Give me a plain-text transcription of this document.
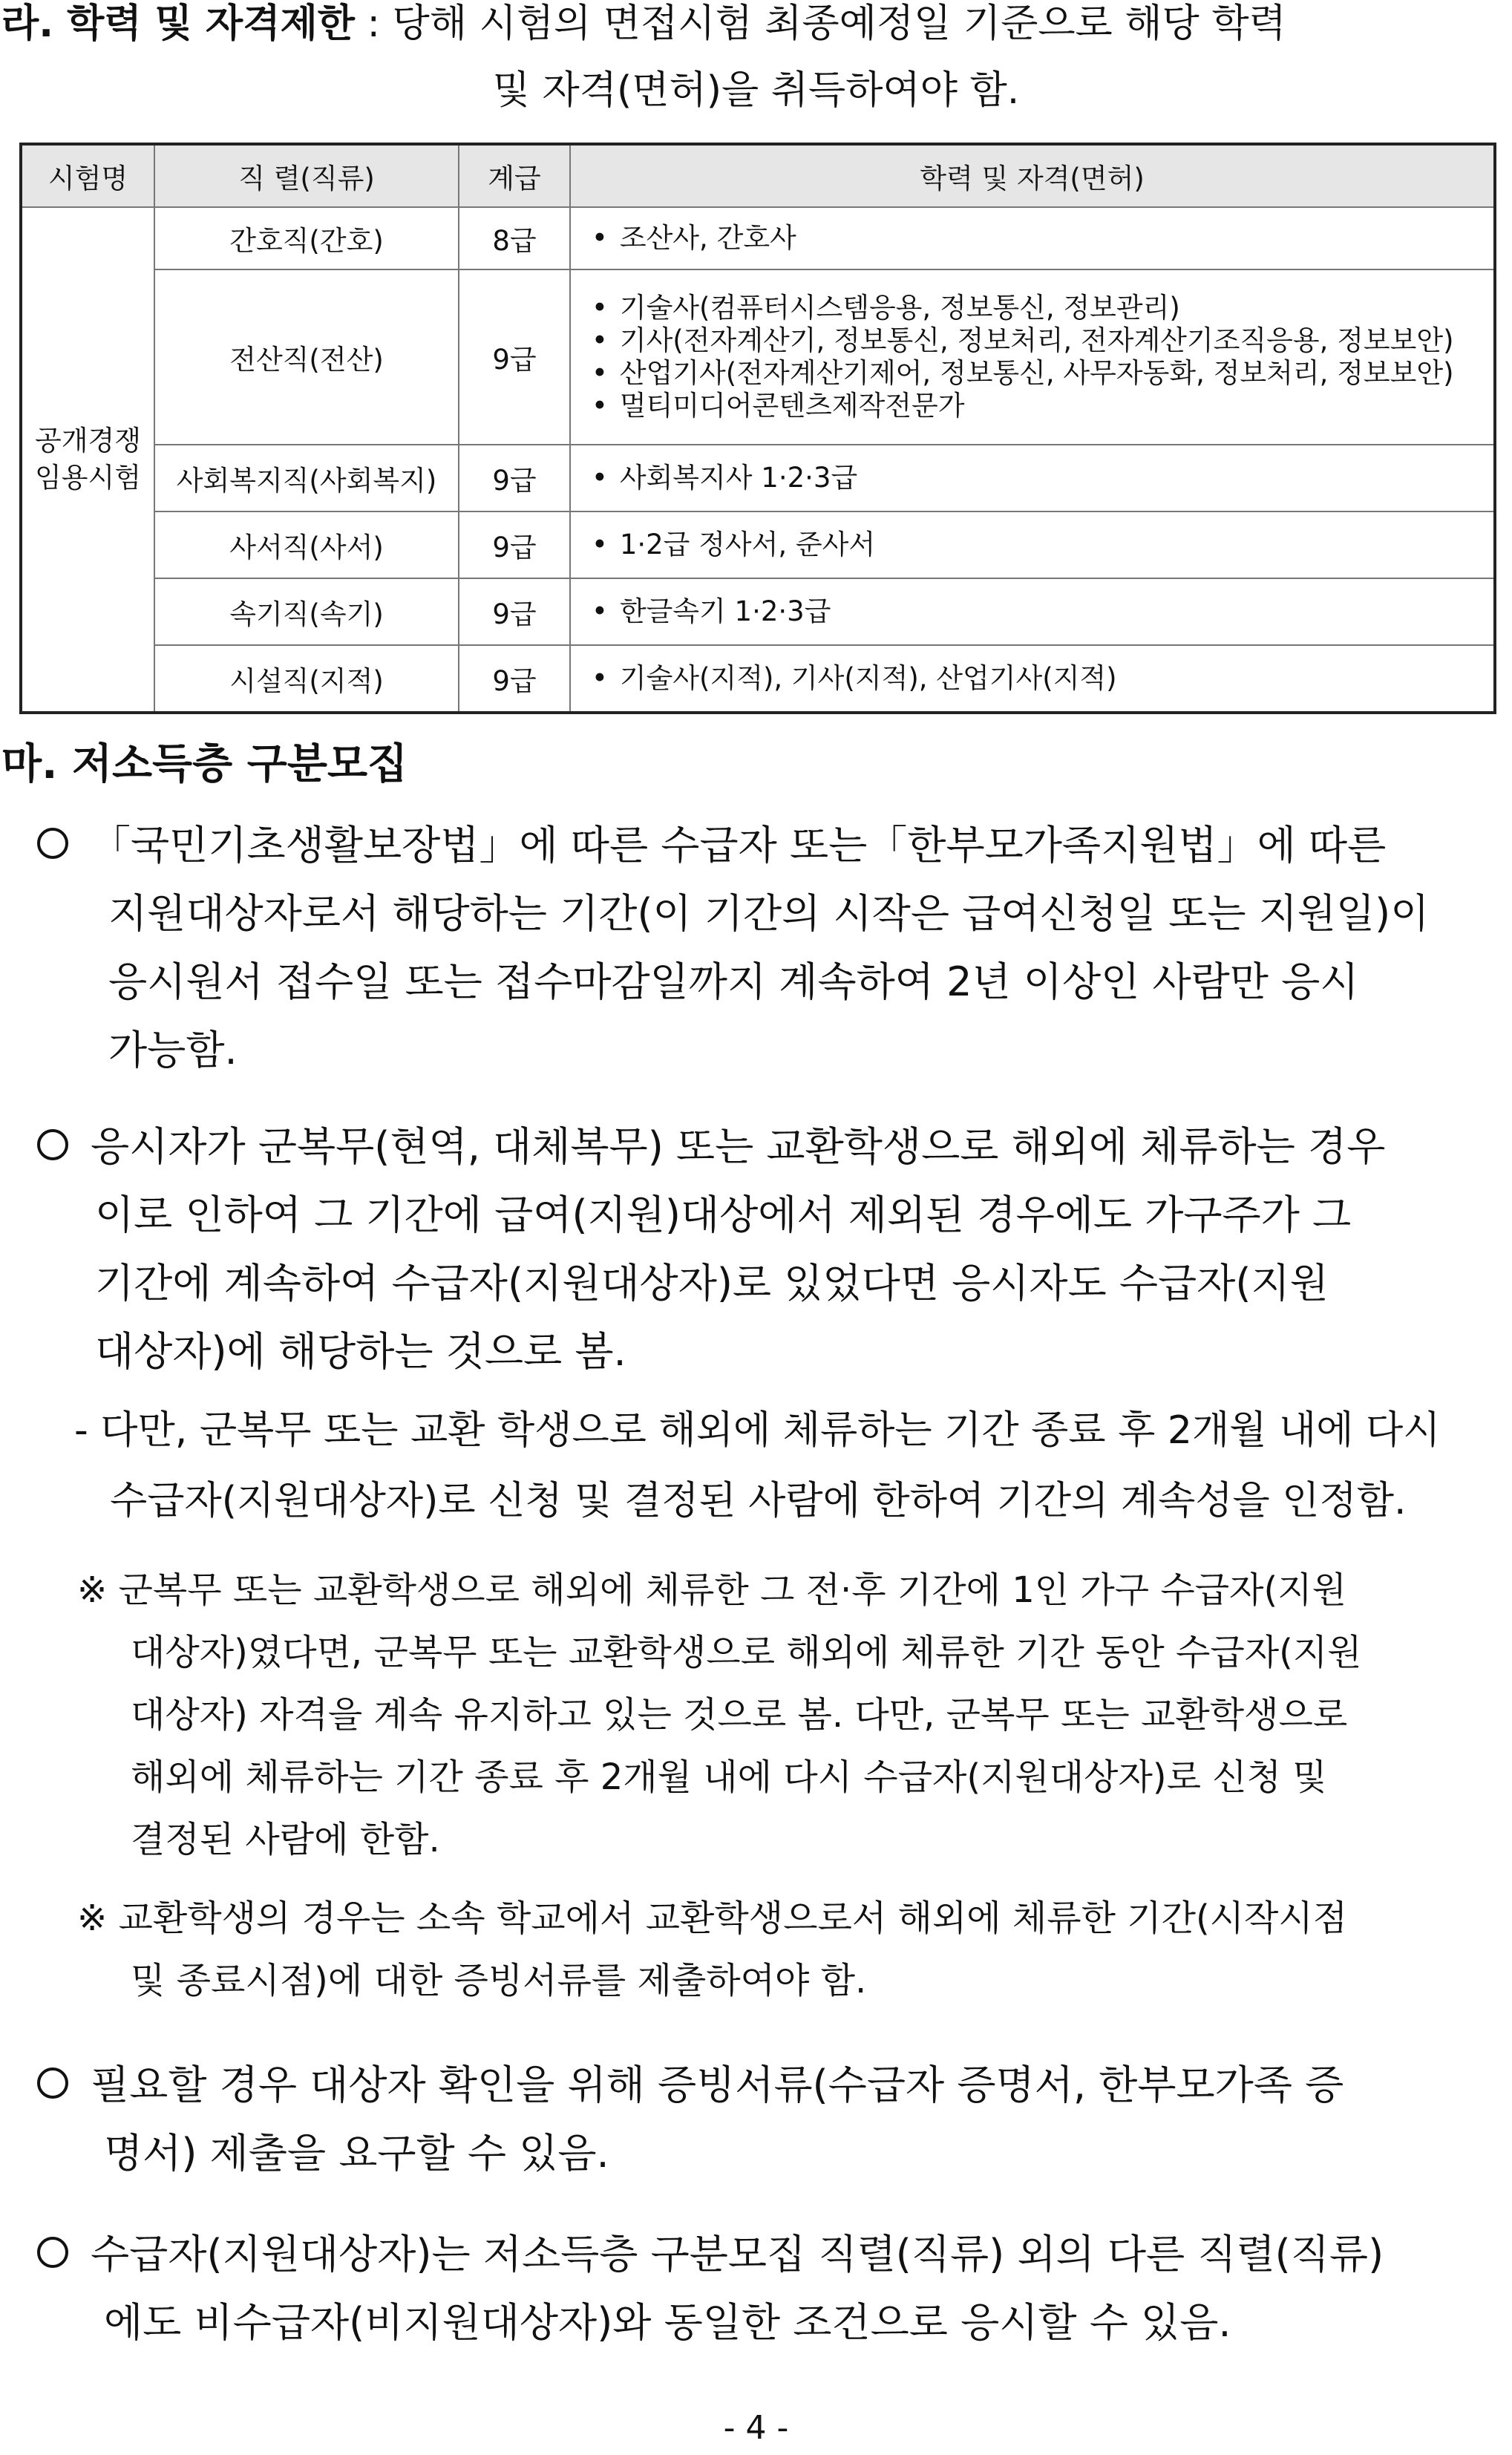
라. 학력 및 자격제한 : 당해 시험의 면접시험 최종예정일 기준으로 해당 학력
및 자격(면허)을 취득하여야 함.
시험명	직 렬(직류)	계급	학력 및 자격(면허)

공개경쟁
임용시험	간호직(간호)	8급	• 조산사, 간호사

	전산직(전산)	9급	• 기술사(컴퓨터시스템응용, 정보통신, 정보관리)
• 기사(전자계산기, 정보통신, 정보처리, 전자계산기조직응용, 정보보안)
• 산업기사(전자계산기제어, 정보통신, 사무자동화, 정보처리, 정보보안)
• 멀티미디어콘텐츠제작전문가

	사회복지직(사회복지)	9급	• 사회복지사 1·2·3급

	사서직(사서)	9급	• 1·2급 정사서, 준사서

	속기직(속기)	9급	• 한글속기 1·2·3급

	시설직(지적)	9급	• 기술사(지적), 기사(지적), 산업기사(지적)
마. 저소득층 구분모집
「국민기초생활보장법」에 따른 수급자 또는「한부모가족지원법」에 따른
지원대상자로서 해당하는 기간(이 기간의 시작은 급여신청일 또는 지원일)이
응시원서 접수일 또는 접수마감일까지 계속하여 2년 이상인 사람만 응시
가능함.
응시자가 군복무(현역, 대체복무) 또는 교환학생으로 해외에 체류하는 경우
이로 인하여 그 기간에 급여(지원)대상에서 제외된 경우에도 가구주가 그
기간에 계속하여 수급자(지원대상자)로 있었다면 응시자도 수급자(지원
대상자)에 해당하는 것으로 봄.
- 다만, 군복무 또는 교환 학생으로 해외에 체류하는 기간 종료 후 2개월 내에 다시
수급자(지원대상자)로 신청 및 결정된 사람에 한하여 기간의 계속성을 인정함.
※ 군복무 또는 교환학생으로 해외에 체류한 그 전·후 기간에 1인 가구 수급자(지원
대상자)였다면, 군복무 또는 교환학생으로 해외에 체류한 기간 동안 수급자(지원
대상자) 자격을 계속 유지하고 있는 것으로 봄. 다만, 군복무 또는 교환학생으로
해외에 체류하는 기간 종료 후 2개월 내에 다시 수급자(지원대상자)로 신청 및
결정된 사람에 한함.
※ 교환학생의 경우는 소속 학교에서 교환학생으로서 해외에 체류한 기간(시작시점
및 종료시점)에 대한 증빙서류를 제출하여야 함.
필요할 경우 대상자 확인을 위해 증빙서류(수급자 증명서, 한부모가족 증
명서) 제출을 요구할 수 있음.
수급자(지원대상자)는 저소득층 구분모집 직렬(직류) 외의 다른 직렬(직류)
에도 비수급자(비지원대상자)와 동일한 조건으로 응시할 수 있음.
- 4 -
